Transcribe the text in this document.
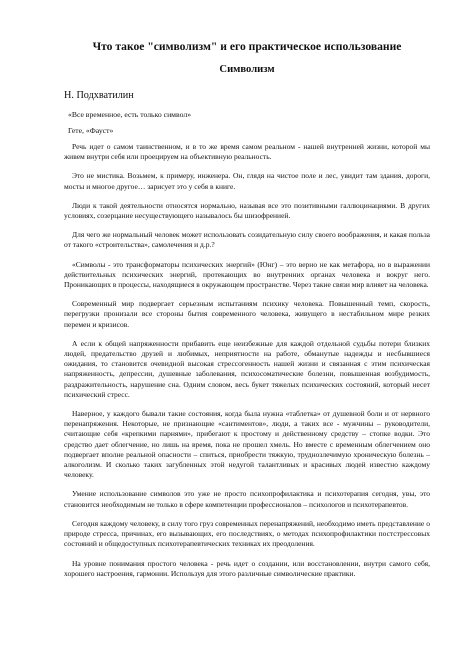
Что такое "символизм" и его практическое использование
Символизм
Н. Подхватилин
«Все временное, есть только символ»
Гете, «Фауст»
Речь идет о самом таинственном, и в то же время самом реальном - нашей внутренней жизни, которой мы живем внутри себя или проецируем на объективную реальность.
Это не мистика. Возьмем, к примеру, инженера. Он, глядя на чистое поле и лес, увидит там здания, дороги, мосты и многое другое… зарисует это у себя в книге.
Люди к такой деятельности относятся нормально, называя все это позитивными галлюцинациями. В других условиях, созерцание несуществующего называлось бы шизофренией.
Для чего же нормальный человек может использовать созидательную силу своего воображения, и какая польза от такого «строительства», самолечения и д.р.?
«Символы - это трансформаторы психических энергий» (Юнг) – это верно не как метафора, но в выражении действительных психических энергий, протекающих во внутренних органах человека и вокруг него. Проникающих в процессы, находящиеся в окружающем пространстве. Через такие связи мир влияет на человека.
Современный мир подвергает серьезным испытаниям психику человека. Повышенный темп, скорость, перегрузки пронизали все стороны бытия современного человека, живущего в нестабильном мире резких перемен и кризисов.
А если к общей напряженности прибавить еще неизбежные для каждой отдельной судьбы потери близких людей, предательство друзей и любимых, неприятности на работе, обманутые надежды и несбывшиеся ожидания, то становится очевидной высокая стрессогенность нашей жизни и связанная с этим психическая напряженность, депрессии, душевные заболевания, психосоматические болезни, повышенная возбудимость, раздражительность, нарушение сна. Одним словом, весь букет тяжелых психических состояний, который несет психический стресс.
Наверное, у каждого бывали такие состояния, когда была нужна «таблетка» от душевной боли и от нервного перенапряжения. Некоторые, не признающие «сантиментов», люди, а таких все - мужчины – руководители, считающие себя «крепкими парнями», прибегают к простому и действенному средству – стопке водки. Это средство дает облегчение, но лишь на время, пока не прошел хмель. Но вместе с временным облегчением оно подвергает вполне реальной опасности – спиться, приобрести тяжкую, труднозлечимую хроническую болезнь – алкоголизм. И сколько таких загубленных этой недугой талантливых и красивых людей известно каждому человеку.
Умение использование символов это уже не просто психопрофилактика и психотерапия сегодня, увы, это становится необходимым не только в сфере компетенции профессионалов – психологов и психотерапевтов.
Сегодня каждому человеку, в силу того груз современных перенапряжений, необходимо иметь представление о природе стресса, причинах, его вызывающих, его последствиях, о методах психопрофилактики постстрессовых состояний и общедоступных психотерапевтических техниках их преодоления.
На уровне понимания простого человека - речь идет о создании, или восстановлении, внутри самого себя, хорошего настроения, гармонии. Используя для этого различные символические практики.
